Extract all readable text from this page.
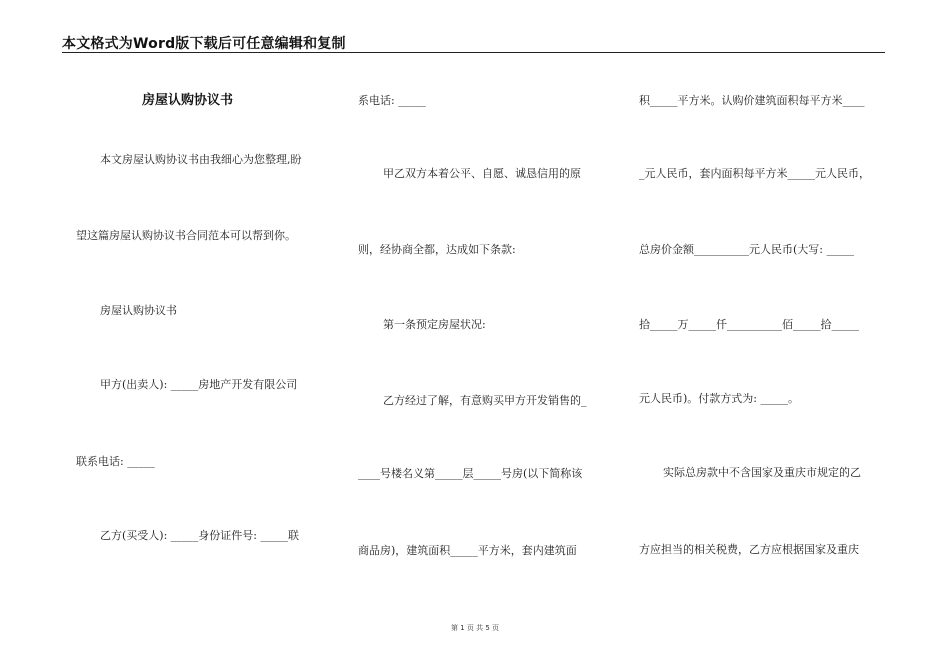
本文格式为Word版下载后可任意编辑和复制
房屋认购协议书
本文房屋认购协议书由我细心为您整理,盼
望这篇房屋认购协议书合同范本可以帮到你。
房屋认购协议书
甲方(出卖人): _____房地产开发有限公司
联系电话: _____
乙方(买受人): _____身份证件号: _____联
系电话: _____
甲乙双方本着公平、自愿、诚恳信用的原
则，经协商全都，达成如下条款:
第一条预定房屋状况:
乙方经过了解，有意购买甲方开发销售的_
____号楼名义第_____层_____号房(以下简称该
商品房)，建筑面积_____平方米，套内建筑面
积_____平方米。认购价建筑面积每平方米____
_元人民币，套内面积每平方米_____元人民币，
总房价金额__________元人民币(大写: _____
拾_____万_____仟__________佰_____拾_____
元人民币)。付款方式为: _____。
实际总房款中不含国家及重庆市规定的乙
方应担当的相关税费，乙方应根据国家及重庆
第 1 页 共 5 页
